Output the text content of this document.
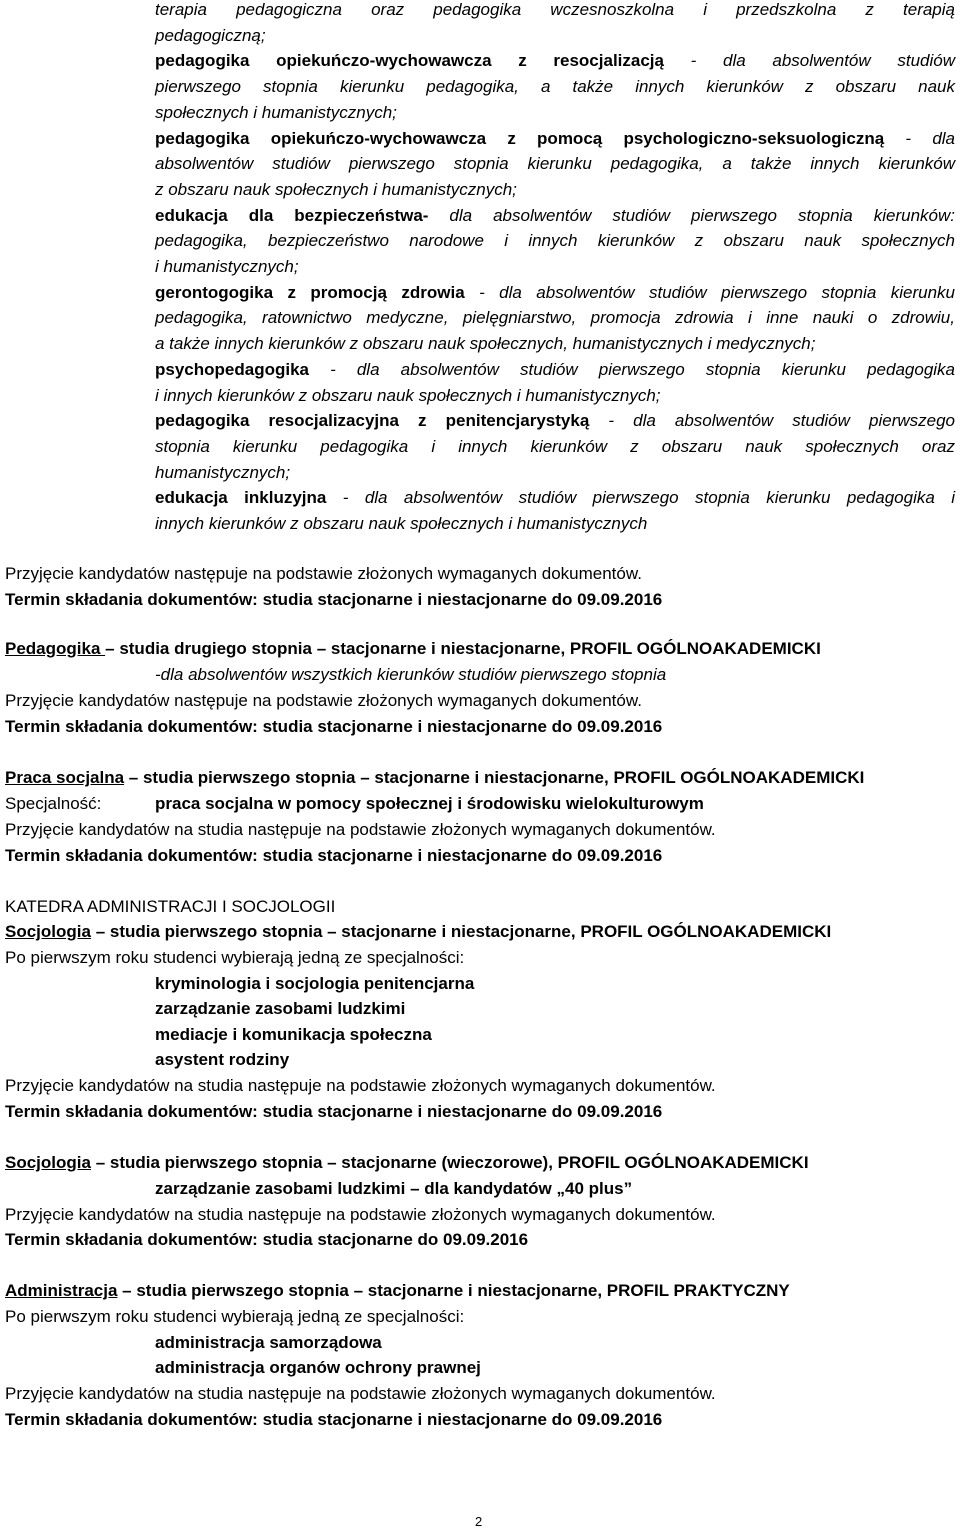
terapia pedagogiczna oraz pedagogika wczesnoszkolna i przedszkolna z terapią
pedagogiczną;
pedagogika opiekuńczo-wychowawcza z resocjalizacją - dla absolwentów studiów
pierwszego stopnia kierunku pedagogika, a także innych kierunków z obszaru nauk
społecznych i humanistycznych;
pedagogika opiekuńczo-wychowawcza z pomocą psychologiczno-seksuologiczną - dla
absolwentów studiów pierwszego stopnia kierunku pedagogika, a także innych kierunków
z obszaru nauk społecznych i humanistycznych;
edukacja dla bezpieczeństwa- dla absolwentów studiów pierwszego stopnia kierunków:
pedagogika, bezpieczeństwo narodowe i innych kierunków z obszaru nauk społecznych
i humanistycznych;
gerontogogika z promocją zdrowia - dla absolwentów studiów pierwszego stopnia kierunku
pedagogika, ratownictwo medyczne, pielęgniarstwo, promocja zdrowia i inne nauki o zdrowiu,
a także innych kierunków z obszaru nauk społecznych, humanistycznych i medycznych;
psychopedagogika - dla absolwentów studiów pierwszego stopnia kierunku pedagogika
i innych kierunków z obszaru nauk społecznych i humanistycznych;
pedagogika resocjalizacyjna z penitencjarystyką - dla absolwentów studiów pierwszego
stopnia kierunku pedagogika i innych kierunków z obszaru nauk społecznych oraz
humanistycznych;
edukacja inkluzyjna - dla absolwentów studiów pierwszego stopnia kierunku pedagogika i
innych kierunków z obszaru nauk społecznych i humanistycznych
Przyjęcie kandydatów następuje na podstawie złożonych wymaganych dokumentów.
Termin składania dokumentów: studia stacjonarne i niestacjonarne do 09.09.2016
Pedagogika – studia drugiego stopnia – stacjonarne i niestacjonarne, PROFIL OGÓLNOAKADEMICKI
-dla absolwentów wszystkich kierunków studiów pierwszego stopnia
Przyjęcie kandydatów następuje na podstawie złożonych wymaganych dokumentów.
Termin składania dokumentów: studia stacjonarne i niestacjonarne do 09.09.2016
Praca socjalna – studia pierwszego stopnia – stacjonarne i niestacjonarne, PROFIL OGÓLNOAKADEMICKI
Specjalność:	praca socjalna w pomocy społecznej i środowisku wielokulturowym
Przyjęcie kandydatów na studia następuje na podstawie złożonych wymaganych dokumentów.
Termin składania dokumentów: studia stacjonarne i niestacjonarne do 09.09.2016
KATEDRA ADMINISTRACJI I SOCJOLOGII
Socjologia – studia pierwszego stopnia – stacjonarne i niestacjonarne, PROFIL OGÓLNOAKADEMICKI
Po pierwszym roku studenci wybierają jedną ze specjalności:
kryminologia i socjologia penitencjarna
zarządzanie zasobami ludzkimi
mediacje i komunikacja społeczna
asystent rodziny
Przyjęcie kandydatów na studia następuje na podstawie złożonych wymaganych dokumentów.
Termin składania dokumentów: studia stacjonarne i niestacjonarne do 09.09.2016
Socjologia – studia pierwszego stopnia – stacjonarne (wieczorowe), PROFIL OGÓLNOAKADEMICKI
zarządzanie zasobami ludzkimi – dla kandydatów „40 plus”
Przyjęcie kandydatów na studia następuje na podstawie złożonych wymaganych dokumentów.
Termin składania dokumentów: studia stacjonarne do 09.09.2016
Administracja – studia pierwszego stopnia – stacjonarne i niestacjonarne, PROFIL PRAKTYCZNY
Po pierwszym roku studenci wybierają jedną ze specjalności:
administracja samorządowa
administracja organów ochrony prawnej
Przyjęcie kandydatów na studia następuje na podstawie złożonych wymaganych dokumentów.
Termin składania dokumentów: studia stacjonarne i niestacjonarne do 09.09.2016
2
